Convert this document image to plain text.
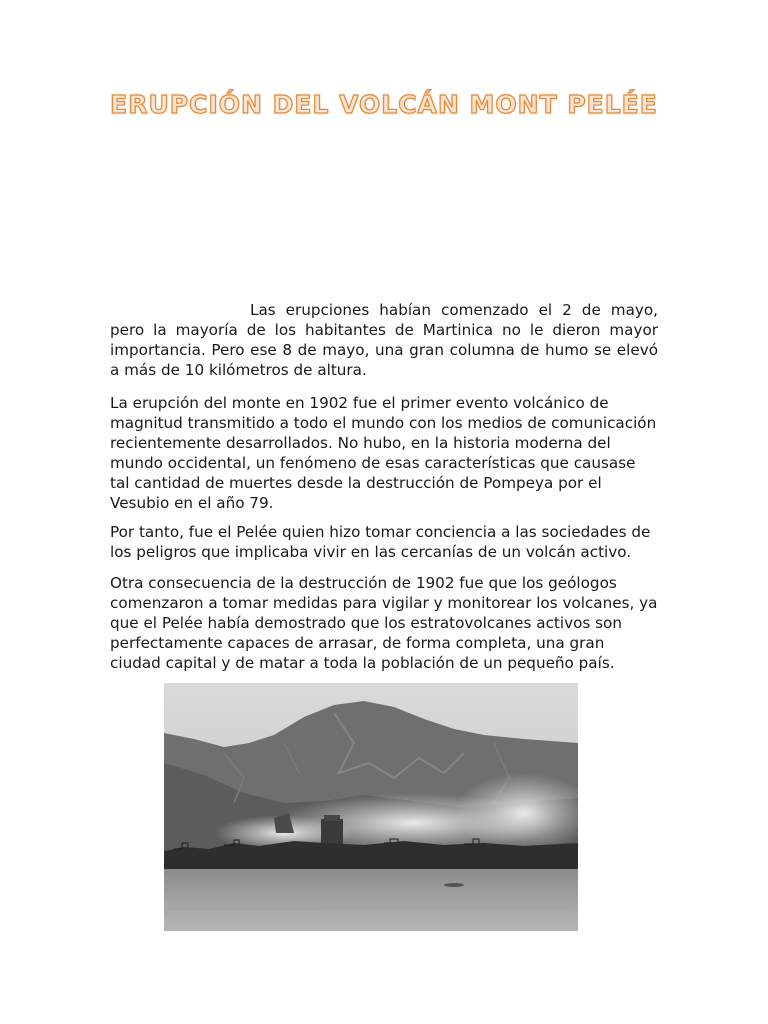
ERUPCIÓN DEL VOLCÁN MONT PELÉE

Las erupciones habían comenzado el 2 de mayo, pero la mayoría de los habitantes de Martinica no le dieron mayor importancia. Pero ese 8 de mayo, una gran columna de humo se elevó a más de 10 kilómetros de altura.

La erupción del monte en 1902 fue el primer evento volcánico de magnitud transmitido a todo el mundo con los medios de comunicación recientemente desarrollados. No hubo, en la historia moderna del mundo occidental, un fenómeno de esas características que causase tal cantidad de muertes desde la destrucción de Pompeya por el Vesubio en el año 79.

Por tanto, fue el Pelée quien hizo tomar conciencia a las sociedades de los peligros que implicaba vivir en las cercanías de un volcán activo.

Otra consecuencia de la destrucción de 1902 fue que los geólogos comenzaron a tomar medidas para vigilar y monitorear los volcanes, ya que el Pelée había demostrado que los estratovolcanes activos son perfectamente capaces de arrasar, de forma completa, una gran ciudad capital y de matar a toda la población de un pequeño país.
